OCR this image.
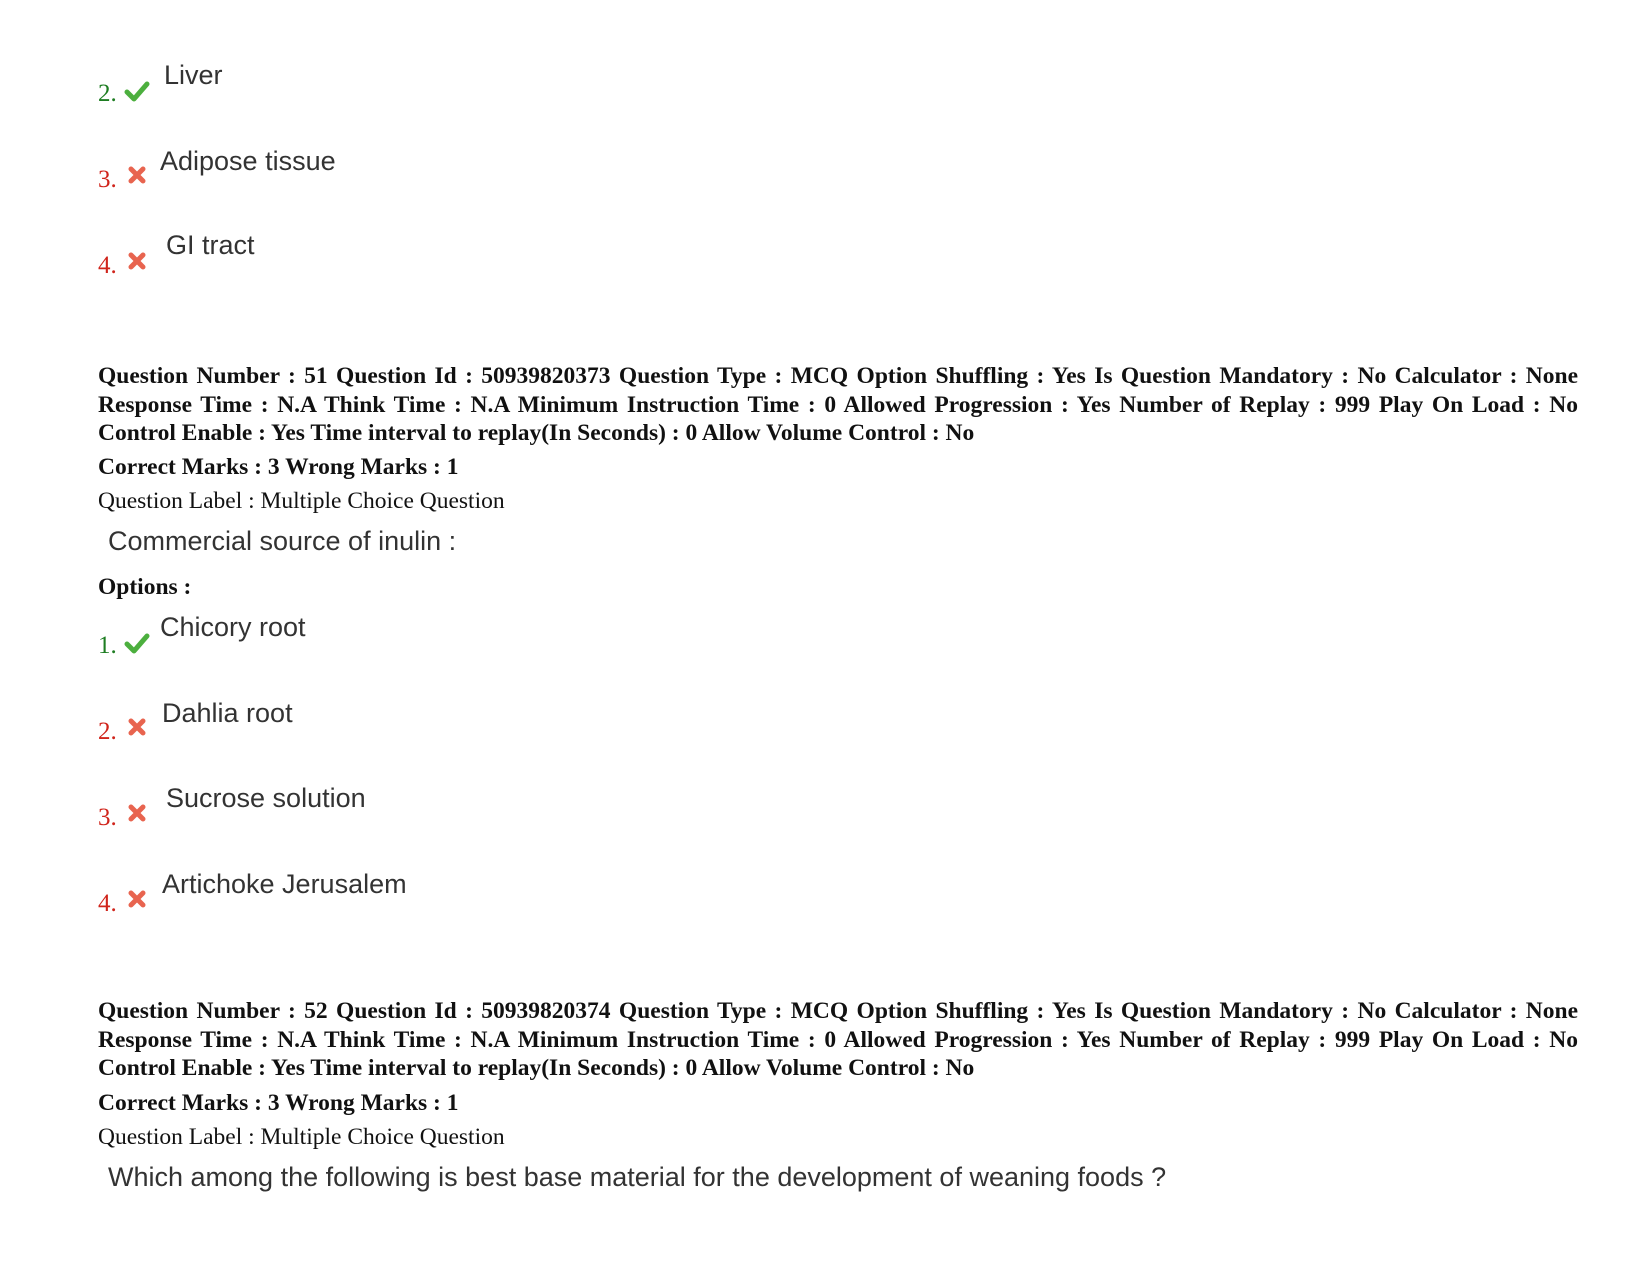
2.
Liver
3.
Adipose tissue
4.
GI tract
Question Number : 51 Question Id : 50939820373 Question Type : MCQ Option Shuffling : Yes Is Question Mandatory : No Calculator : None Response Time : N.A Think Time : N.A Minimum Instruction Time : 0 Allowed Progression : Yes Number of Replay : 999 Play On Load : No Control Enable : Yes Time interval to replay(In Seconds) : 0 Allow Volume Control : No
Correct Marks : 3 Wrong Marks : 1
Question Label : Multiple Choice Question
Commercial source of inulin :
Options :
1.
Chicory root
2.
Dahlia root
3.
Sucrose solution
4.
Artichoke Jerusalem
Question Number : 52 Question Id : 50939820374 Question Type : MCQ Option Shuffling : Yes Is Question Mandatory : No Calculator : None Response Time : N.A Think Time : N.A Minimum Instruction Time : 0 Allowed Progression : Yes Number of Replay : 999 Play On Load : No Control Enable : Yes Time interval to replay(In Seconds) : 0 Allow Volume Control : No
Correct Marks : 3 Wrong Marks : 1
Question Label : Multiple Choice Question
Which among the following is best base material for the development of weaning foods ?
